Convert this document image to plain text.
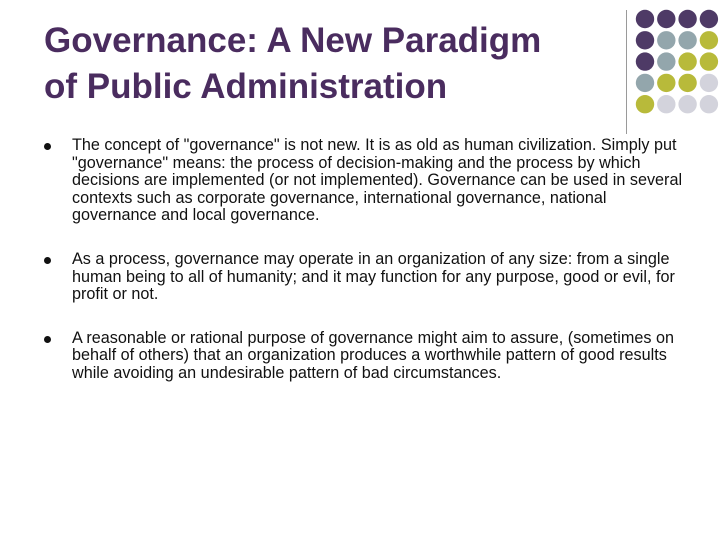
Governance: A New Paradigm
of Public Administration
The concept of "governance" is not new. It is as old as human civilization. Simply put "governance" means: the process of decision-making and the process by which decisions are implemented (or not implemented). Governance can be used in several contexts such as corporate governance, international governance, national governance and local governance.
As a process, governance may operate in an organization of any size: from a single human being to all of humanity; and it may function for any purpose, good or evil, for profit or not.
A reasonable or rational purpose of governance might aim to assure, (sometimes on behalf of others) that an organization produces a worthwhile pattern of good results while avoiding an undesirable pattern of bad circumstances.
